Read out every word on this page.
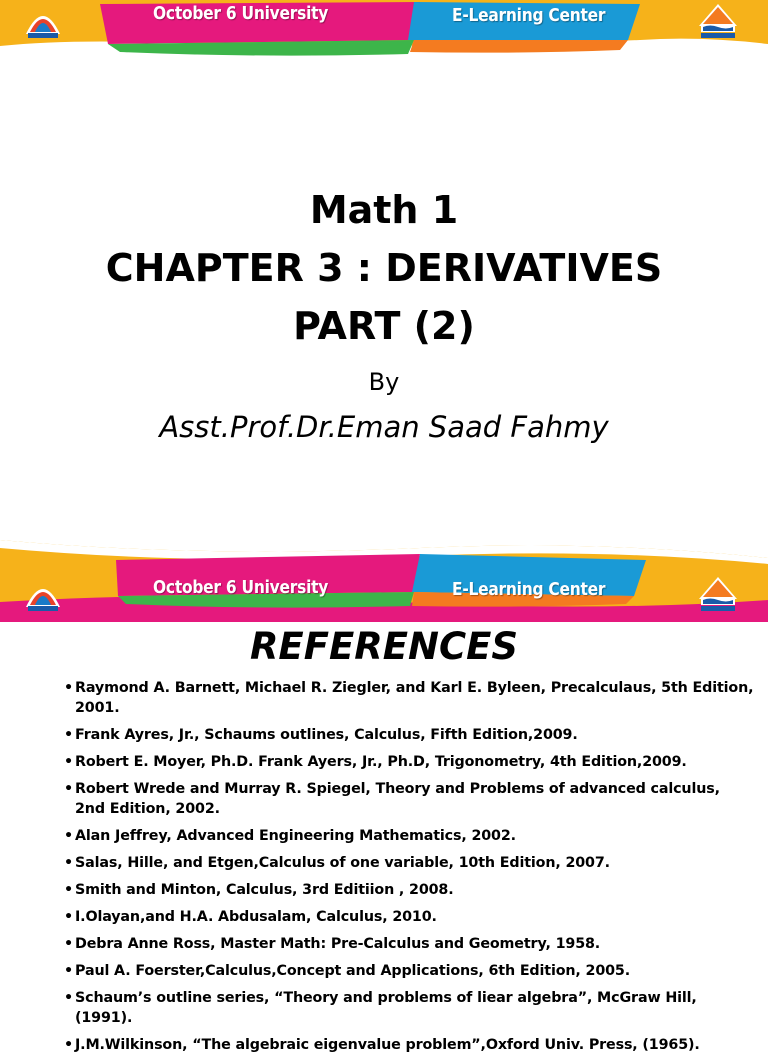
October 6 University	E-Learning Center
Math 1
CHAPTER 3 : DERIVATIVES
PART (2)
By
Asst.Prof.Dr.Eman Saad Fahmy
October 6 University	E-Learning Center
REFERENCES
• Raymond A. Barnett, Michael R. Ziegler, and Karl E. Byleen, Precalculaus, 5th Edition, 2001.
• Frank Ayres, Jr., Schaums outlines, Calculus, Fifth Edition,2009.
• Robert E. Moyer, Ph.D. Frank Ayers, Jr., Ph.D, Trigonometry, 4th Edition,2009.
• Robert Wrede and Murray R. Spiegel, Theory and Problems of advanced calculus, 2nd Edition, 2002.
• Alan Jeffrey, Advanced Engineering Mathematics, 2002.
• Salas, Hille, and Etgen,Calculus of one variable, 10th Edition, 2007.
• Smith and Minton, Calculus, 3rd Editiion , 2008.
• I.Olayan,and H.A. Abdusalam, Calculus, 2010.
• Debra Anne Ross, Master Math: Pre-Calculus and Geometry, 1958.
• Paul A. Foerster,Calculus,Concept and Applications, 6th Edition, 2005.
• Schaum’s outline series, “Theory and problems of liear algebra”, McGraw Hill, (1991).
• J.M.Wilkinson, “The algebraic eigenvalue problem”,Oxford Univ. Press, (1965).
